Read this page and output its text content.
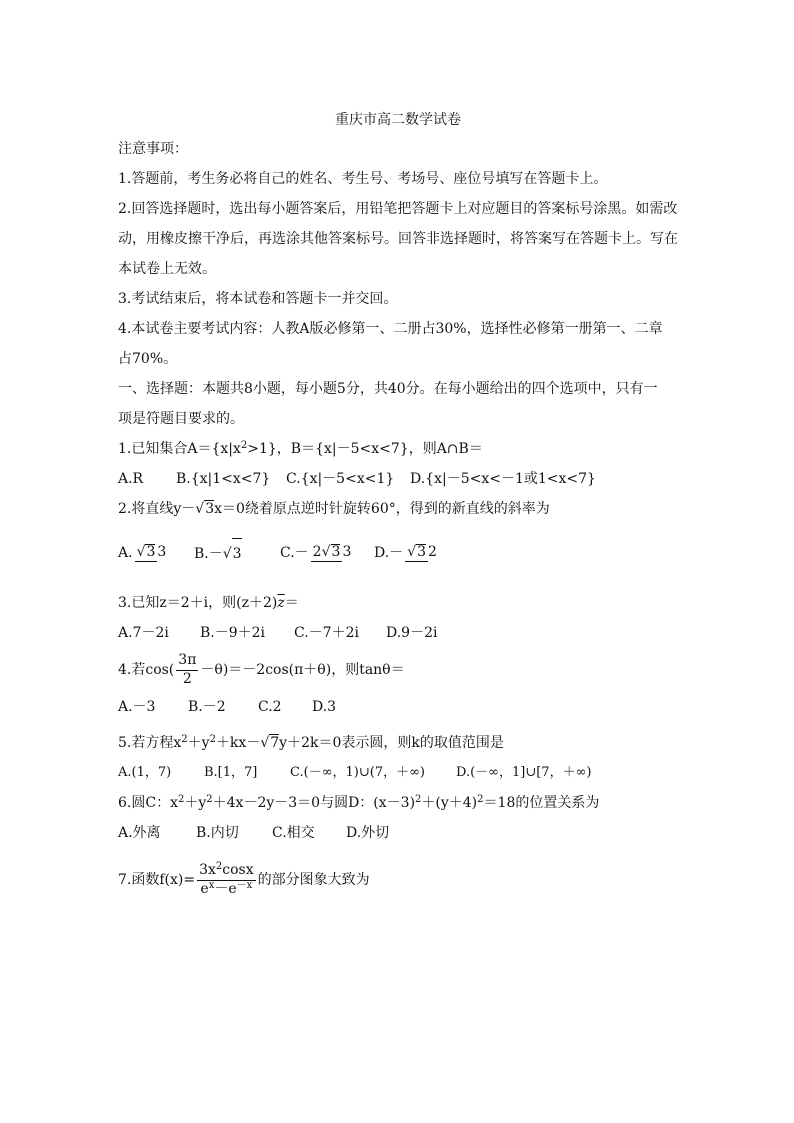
重庆市高二数学试卷
注意事项：
1.答题前，考生务必将自己的姓名、考生号、考场号、座位号填写在答题卡上。
2.回答选择题时，选出每小题答案后，用铅笔把答题卡上对应题目的答案标号涂黑。如需改
动，用橡皮擦干净后，再选涂其他答案标号。回答非选择题时，将答案写在答题卡上。写在
本试卷上无效。
3.考试结束后，将本试卷和答题卡一并交回。
4.本试卷主要考试内容：人教A版必修第一、二册占30%，选择性必修第一册第一、二章
占70%。
一、选择题：本题共8小题，每小题5分，共40分。在每小题给出的四个选项中，只有一
项是符题目要求的。
1.已知集合$A=\{x|x^2>1\}$，B＝{x|－5<x<7}，则A∩B＝
A.R	B.{x|1<x<7}	C.{x|－5<x<1}	D.{x|－5<x<－1或1<x<7}
2.将直线y－√3x＝0绕着原点逆时针旋转60°，得到的新直线的斜率为
A. √3 3	B.－√3	C.－ 2√3 3	D.－ √3 2
3.已知z＝2＋i，则$(z+2)\overline{z}=$
A.7－2i	B.－9＋2i	C.－7＋2i	D.9－2i
4.若$\cos( \frac{3\pi}{2} -\theta)=-2\cos(\pi+\theta)$，则tanθ＝
A.－3	B.－2	C.2	D.3
5.若方程$x^2+y^2+kx-√7y+2k=0$表示圆，则k的取值范围是
A.(1，7)	B.[1，7]	C.(－∞，1)∪(7，＋∞)	D.(－∞，1]∪[7，＋∞)
6.圆C：$x^2+y^2+4x-2y-3=0$与圆D：$(x-3)^2+(y+4)^2=18$的位置关系为
A.外离	B.内切	C.相交	D.外切
7.函数$f(x)= \frac{3x^2\cos x}{e^x-e^{-x}}$ 的部分图象大致为
